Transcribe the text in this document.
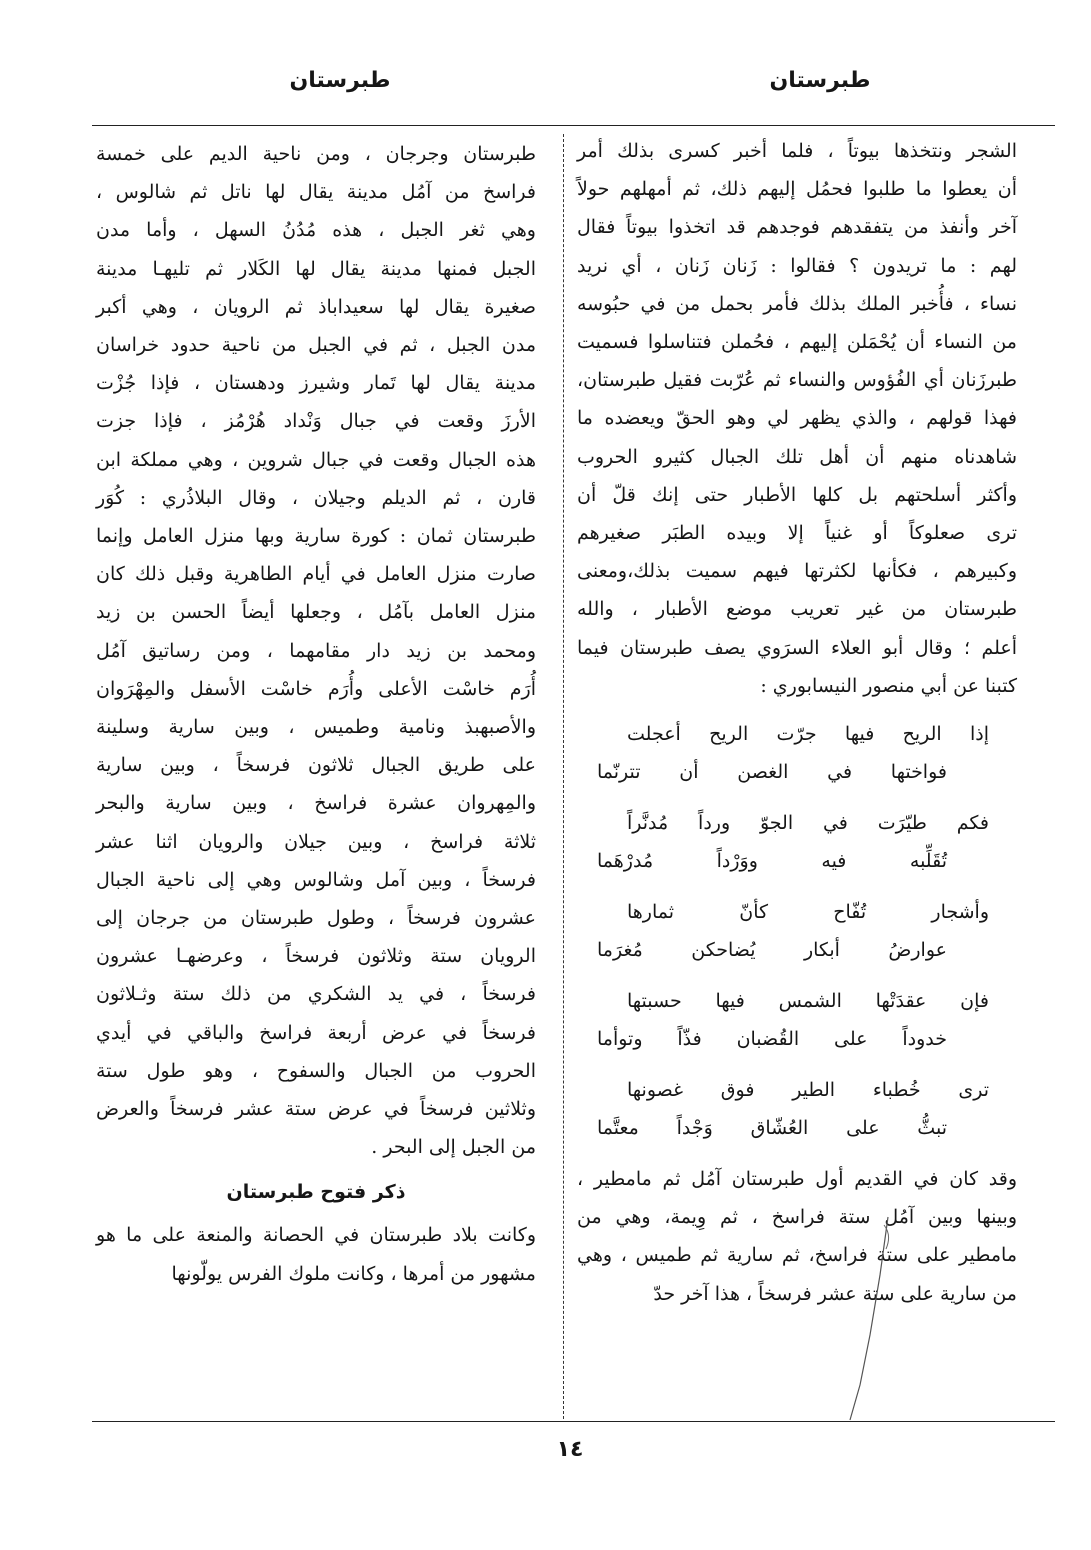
طبرستان
طبرستان

الشجر ونتخذها بيوتاً ، فلما أخبر كسرى بذلك أمر
أن يعطوا ما طلبوا فحمُل إليهم ذلك، ثم أمهلهم حولاً
آخر وأنفذ من يتفقدهم فوجدهم قد اتخذوا بيوتاً فقال
لهم : ما تريدون ؟ فقالوا : زَنان زَنان ، أي نريد
نساء ، فأُخبر الملك بذلك فأمر بحمل من في حبُوسه
من النساء أن يُحْمَلن إليهم ، فحُملن فتناسلوا فسميت
طبرزَنان أي الفُؤوس والنساء ثم عُرّبت فقيل طبرستان،
فهذا قولهم ، والذي يظهر لي وهو الحقّ ويعضده ما
شاهدناه منهم أن أهل تلك الجبال كثيرو الحروب
وأكثر أسلحتهم بل كلها الأطبار حتى إنك قلّ أن
ترى صعلوكاً أو غنياً إلا وبيده الطبَر صغيرهم
وكبيرهم ، فكأنها لكثرتها فيهم سميت بذلك،ومعنى
طبرستان من غير تعريب موضع الأطبار ، والله
أعلم ؛ وقال أبو العلاء السرَوي يصف طبرستان فيما
كتبنا عن أبي منصور النيسابوري :

إذا الريح فيها جرّت الريح أعجلت
فواختها في الغصن أن تترنّما
فكم طيّرَت في الجوّ ورداً مُدنَّراً
تُقَلِّبه فيه ووَرْداً مُدرْهَما
وأشجار تُفّاح كأنّ ثمارها
عوارضُ أبكار يُضاحكن مُغرَما
فإن عقدَتْها الشمس فيها حسبتها
خدوداً على القُضبان فذّاً وتوأما
ترى خُطباء الطير فوق غصونها
تبثُّ على العُشّاق وَجْداً معتَّما

وقد كان في القديم أول طبرستان آمُل ثم مامطير ،
وبينها وبين آمُل ستة فراسخ ، ثم وِيمة، وهي من
مامطير على ستة فراسخ، ثم سارية ثم طميس ، وهي
من سارية على ستة عشر فرسخاً ، هذا آخر حدّ

طبرستان وجرجان ، ومن ناحية الديم على خمسة
فراسخ من آمُل مدينة يقال لها ناتل ثم شالوس ،
وهي ثغر الجبل ، هذه مُدُنُ السهل ، وأما مدن
الجبل فمنها مدينة يقال لها الكَلار ثم تليهـا مدينة
صغيرة يقال لها سعيداباذ ثم الرويان ، وهي أكبر
مدن الجبل ، ثم في الجبل من ناحية حدود خراسان
مدينة يقال لها تَمار وشيرز ودهستان ، فإذا جُزْت
الأرزَ وقعت في جبال وَنْداد هُرْمُز ، فإذا جزت
هذه الجبال وقعت في جبال شروين ، وهي مملكة ابن
قارن ، ثم الديلم وجيلان ، وقال البلاذُري : كُوَر
طبرستان ثمان : كورة سارية وبها منزل العامل وإنما
صارت منزل العامل في أيام الطاهرية وقبل ذلك كان
منزل العامل بآمُل ، وجعلها أيضاً الحسن بن زيد
ومحمد بن زيد دار مقامهما ، ومن رساتيق آمُل
أُرَم خاسْت الأعلى وأُرَم خاسْت الأسفل والمِهْرَوان
والأصبهبذ ونامية وطميس ، وبين سارية وسلينة
على طريق الجبال ثلاثون فرسخاً ، وبين سارية
والمِهروان عشرة فراسخ ، وبين سارية والبحر
ثلاثة فراسخ ، وبين جيلان والرويان اثنا عشر
فرسخاً ، وبين آمل وشالوس وهي إلى ناحية الجبال
عشرون فرسخاً ، وطول طبرستان من جرجان إلى
الرويان ستة وثلاثون فرسخاً ، وعرضهـا عشرون
فرسخاً ، في يد الشكري من ذلك ستة وثـلاثون
فرسخاً في عرض أربعة فراسخ والباقي في أيدي
الحروب من الجبال والسفوح ، وهو طول ستة
وثلاثين فرسخاً في عرض ستة عشر فرسخاً والعرض
من الجبل إلى البحر .

ذكر فتوح طبرستان

وكانت بلاد طبرستان في الحصانة والمنعة على ما هو
مشهور من أمرها ، وكانت ملوك الفرس يولّونها

١٤
